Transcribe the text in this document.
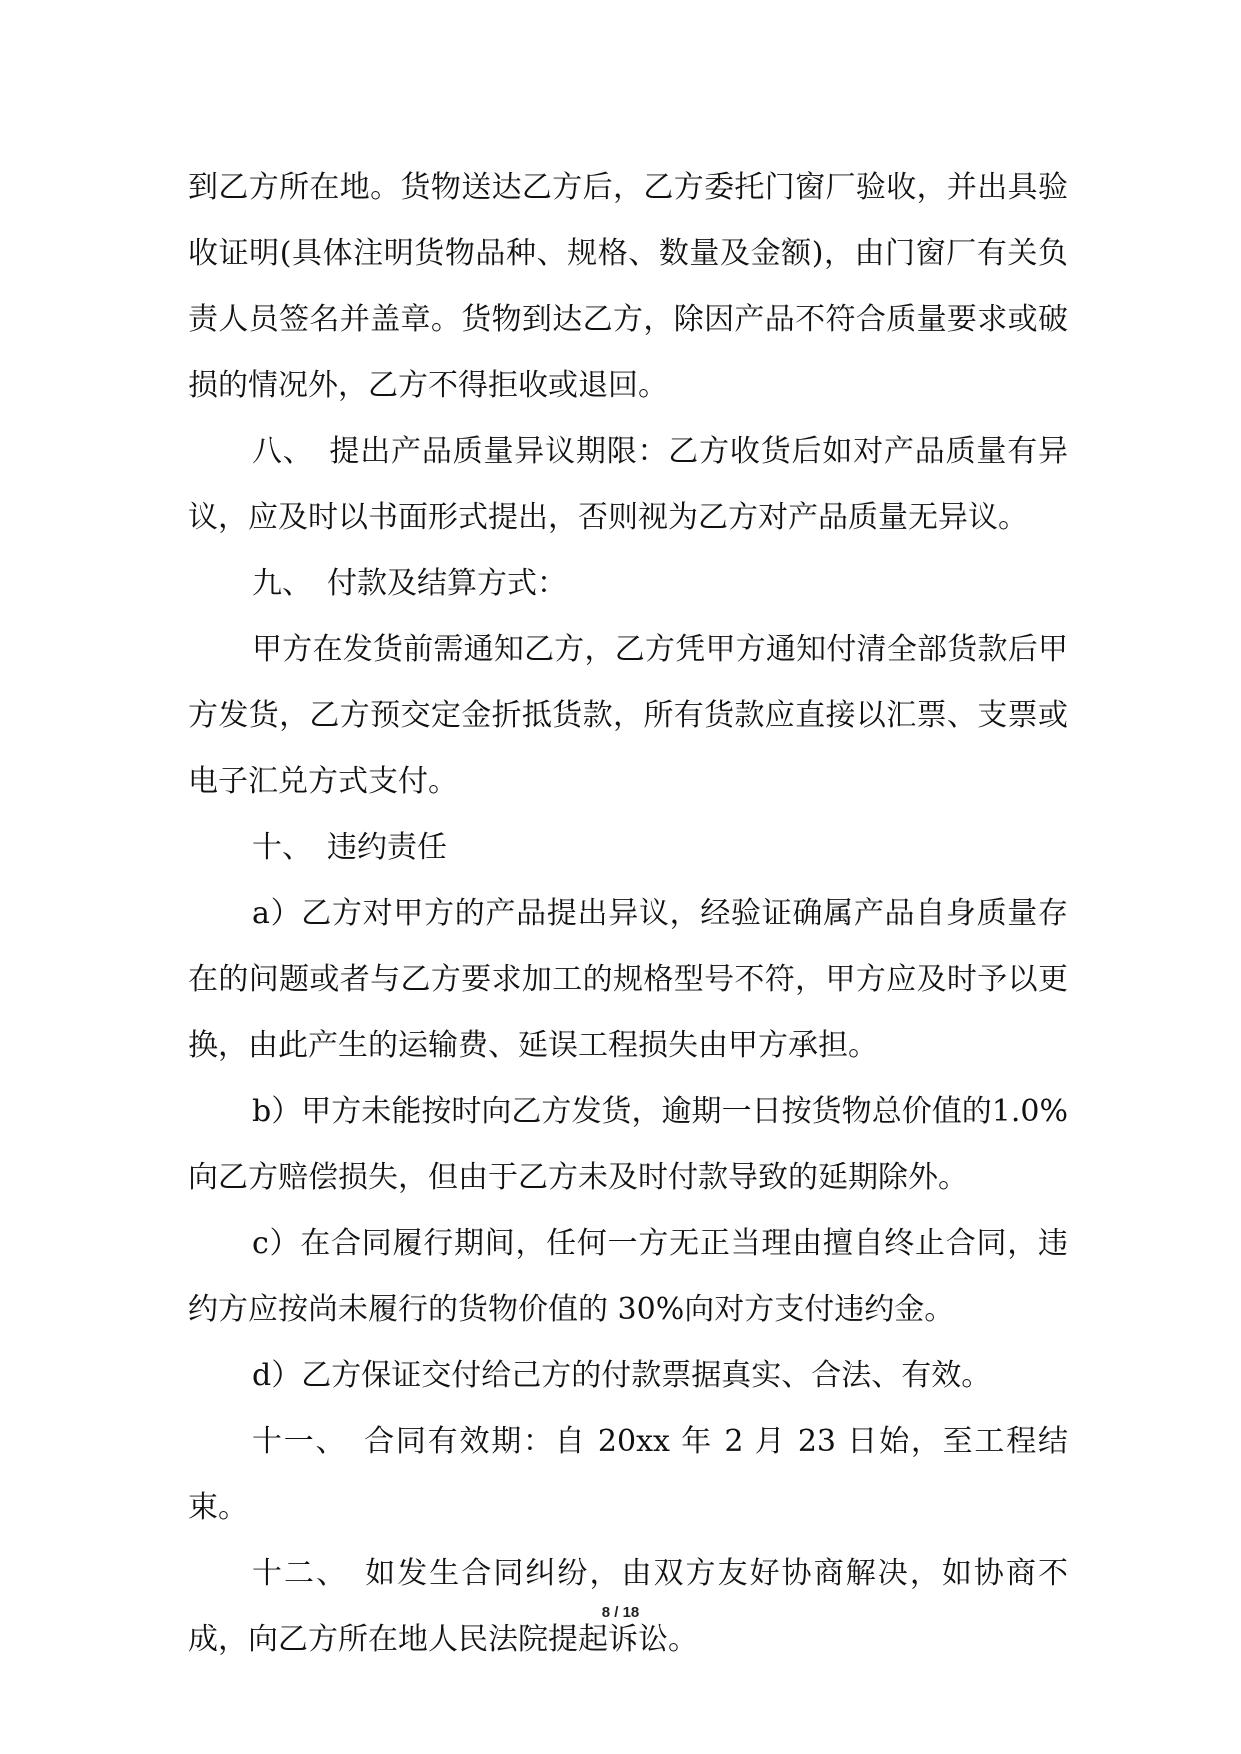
到乙方所在地。货物送达乙方后，乙方委托门窗厂验收，并出具验收证明(具体注明货物品种、规格、数量及金额)，由门窗厂有关负责人员签名并盖章。货物到达乙方，除因产品不符合质量要求或破损的情况外，乙方不得拒收或退回。

八、　提出产品质量异议期限：乙方收货后如对产品质量有异议，应及时以书面形式提出，否则视为乙方对产品质量无异议。

九、　付款及结算方式：

甲方在发货前需通知乙方，乙方凭甲方通知付清全部货款后甲方发货，乙方预交定金折抵货款，所有货款应直接以汇票、支票或电子汇兑方式支付。

十、　违约责任

a）乙方对甲方的产品提出异议，经验证确属产品自身质量存在的问题或者与乙方要求加工的规格型号不符，甲方应及时予以更换，由此产生的运输费、延误工程损失由甲方承担。

b）甲方未能按时向乙方发货，逾期一日按货物总价值的1.0%向乙方赔偿损失，但由于乙方未及时付款导致的延期除外。

c）在合同履行期间，任何一方无正当理由擅自终止合同，违约方应按尚未履行的货物价值的 30%向对方支付违约金。

d）乙方保证交付给己方的付款票据真实、合法、有效。

十一、　合同有效期：自 20xx 年 2 月 23 日始，至工程结束。

十二、　如发生合同纠纷，由双方友好协商解决，如协商不成，向乙方所在地人民法院提起诉讼。

8 / 18
